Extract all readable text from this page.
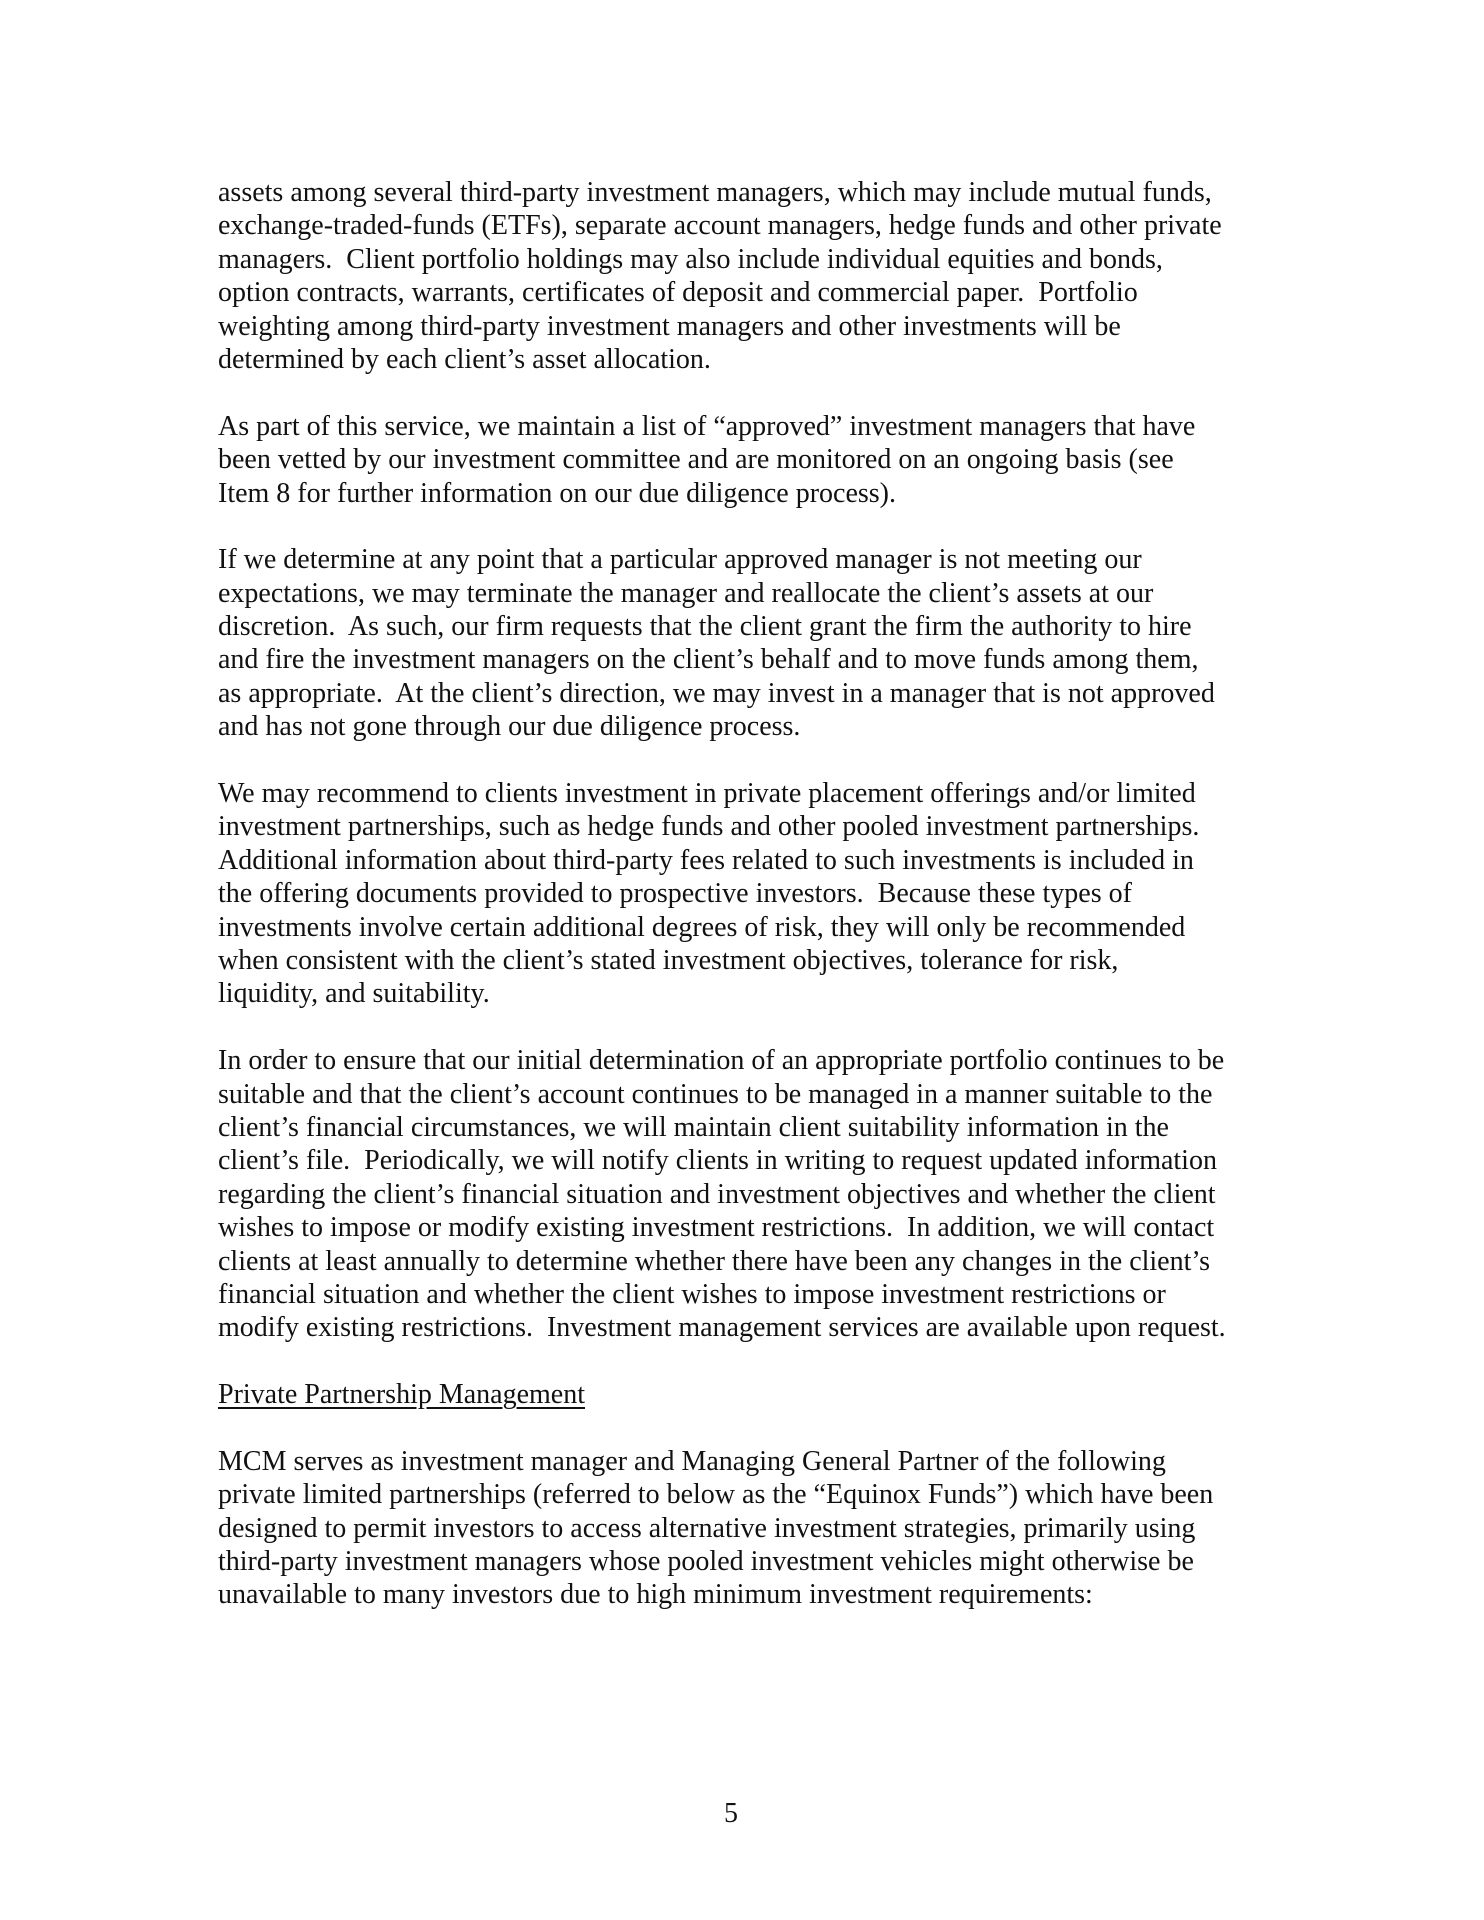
assets among several third-party investment managers, which may include mutual funds,
exchange-traded-funds (ETFs), separate account managers, hedge funds and other private
managers.  Client portfolio holdings may also include individual equities and bonds,
option contracts, warrants, certificates of deposit and commercial paper.  Portfolio
weighting among third-party investment managers and other investments will be
determined by each client’s asset allocation.

As part of this service, we maintain a list of “approved” investment managers that have
been vetted by our investment committee and are monitored on an ongoing basis (see
Item 8 for further information on our due diligence process).

If we determine at any point that a particular approved manager is not meeting our
expectations, we may terminate the manager and reallocate the client’s assets at our
discretion.  As such, our firm requests that the client grant the firm the authority to hire
and fire the investment managers on the client’s behalf and to move funds among them,
as appropriate.  At the client’s direction, we may invest in a manager that is not approved
and has not gone through our due diligence process.

We may recommend to clients investment in private placement offerings and/or limited
investment partnerships, such as hedge funds and other pooled investment partnerships.
Additional information about third-party fees related to such investments is included in
the offering documents provided to prospective investors.  Because these types of
investments involve certain additional degrees of risk, they will only be recommended
when consistent with the client’s stated investment objectives, tolerance for risk,
liquidity, and suitability.

In order to ensure that our initial determination of an appropriate portfolio continues to be
suitable and that the client’s account continues to be managed in a manner suitable to the
client’s financial circumstances, we will maintain client suitability information in the
client’s file.  Periodically, we will notify clients in writing to request updated information
regarding the client’s financial situation and investment objectives and whether the client
wishes to impose or modify existing investment restrictions.  In addition, we will contact
clients at least annually to determine whether there have been any changes in the client’s
financial situation and whether the client wishes to impose investment restrictions or
modify existing restrictions.  Investment management services are available upon request.

Private Partnership Management

MCM serves as investment manager and Managing General Partner of the following
private limited partnerships (referred to below as the “Equinox Funds”) which have been
designed to permit investors to access alternative investment strategies, primarily using
third-party investment managers whose pooled investment vehicles might otherwise be
unavailable to many investors due to high minimum investment requirements:

5
